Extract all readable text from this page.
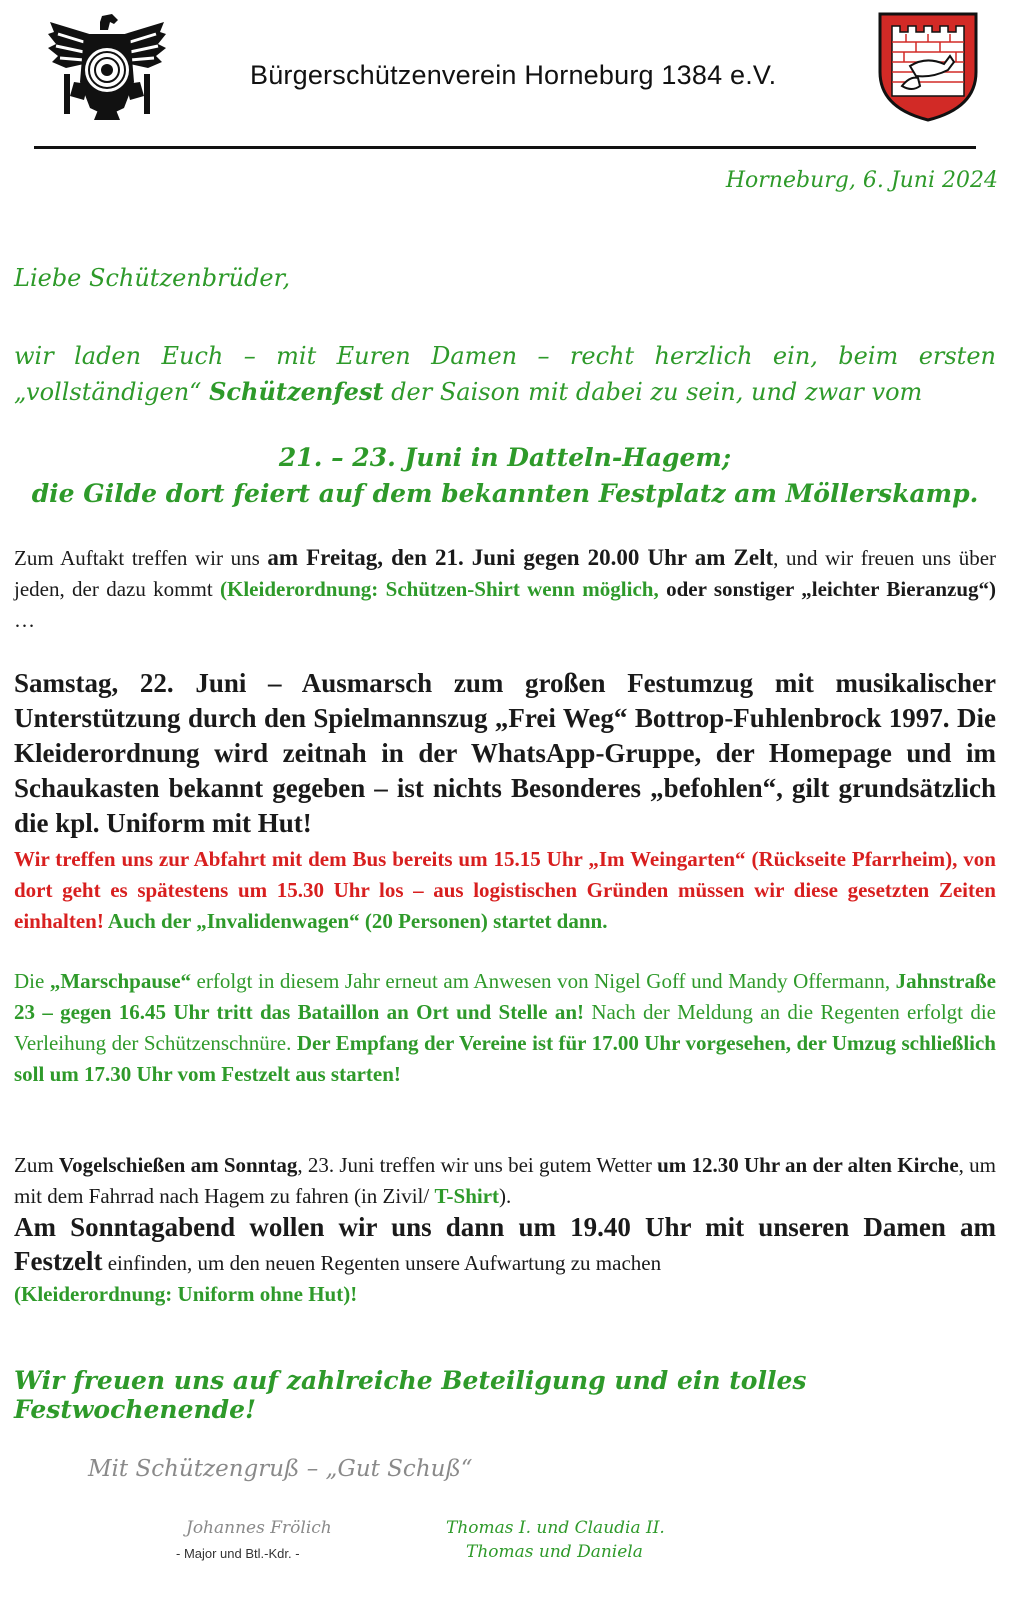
Bürgerschützenverein Horneburg 1384 e.V.
Horneburg, 6. Juni 2024
Liebe Schützenbrüder,
wir laden Euch – mit Euren Damen – recht herzlich ein, beim ersten „vollständigen“ Schützenfest der Saison mit dabei zu sein, und zwar vom
21. – 23. Juni in Datteln-Hagem;
die Gilde dort feiert auf dem bekannten Festplatz am Möllerskamp.
Zum Auftakt treffen wir uns am Freitag, den 21. Juni gegen 20.00 Uhr am Zelt, und wir freuen uns über jeden, der dazu kommt (Kleiderordnung: Schützen-Shirt wenn möglich, oder sonstiger „leichter Bieranzug“) …
Samstag, 22. Juni – Ausmarsch zum großen Festumzug mit musikalischer Unterstützung durch den Spielmannszug „Frei Weg“ Bottrop-Fuhlenbrock 1997. Die Kleiderordnung wird zeitnah in der WhatsApp-Gruppe, der Homepage und im Schaukasten bekannt gegeben – ist nichts Besonderes „befohlen“, gilt grundsätzlich die kpl. Uniform mit Hut!
Wir treffen uns zur Abfahrt mit dem Bus bereits um 15.15 Uhr „Im Weingarten“ (Rückseite Pfarrheim), von dort geht es spätestens um 15.30 Uhr los – aus logistischen Gründen müssen wir diese gesetzten Zeiten einhalten! Auch der „Invalidenwagen“ (20 Personen) startet dann.
Die „Marschpause“ erfolgt in diesem Jahr erneut am Anwesen von Nigel Goff und Mandy Offermann, Jahnstraße 23 – gegen 16.45 Uhr tritt das Bataillon an Ort und Stelle an! Nach der Meldung an die Regenten erfolgt die Verleihung der Schützenschnüre. Der Empfang der Vereine ist für 17.00 Uhr vorgesehen, der Umzug schließlich soll um 17.30 Uhr vom Festzelt aus starten!
Zum Vogelschießen am Sonntag, 23. Juni treffen wir uns bei gutem Wetter um 12.30 Uhr an der alten Kirche, um mit dem Fahrrad nach Hagem zu fahren (in Zivil/ T-Shirt).
Am Sonntagabend wollen wir uns dann um 19.40 Uhr mit unseren Damen am Festzelt einfinden, um den neuen Regenten unsere Aufwartung zu machen
(Kleiderordnung: Uniform ohne Hut)!
Wir freuen uns auf zahlreiche Beteiligung und ein tolles Festwochenende!
Mit Schützengruß – „Gut Schuß“
Johannes Frölich
- Major und Btl.-Kdr. -
Thomas I. und Claudia II.
Thomas und Daniela
